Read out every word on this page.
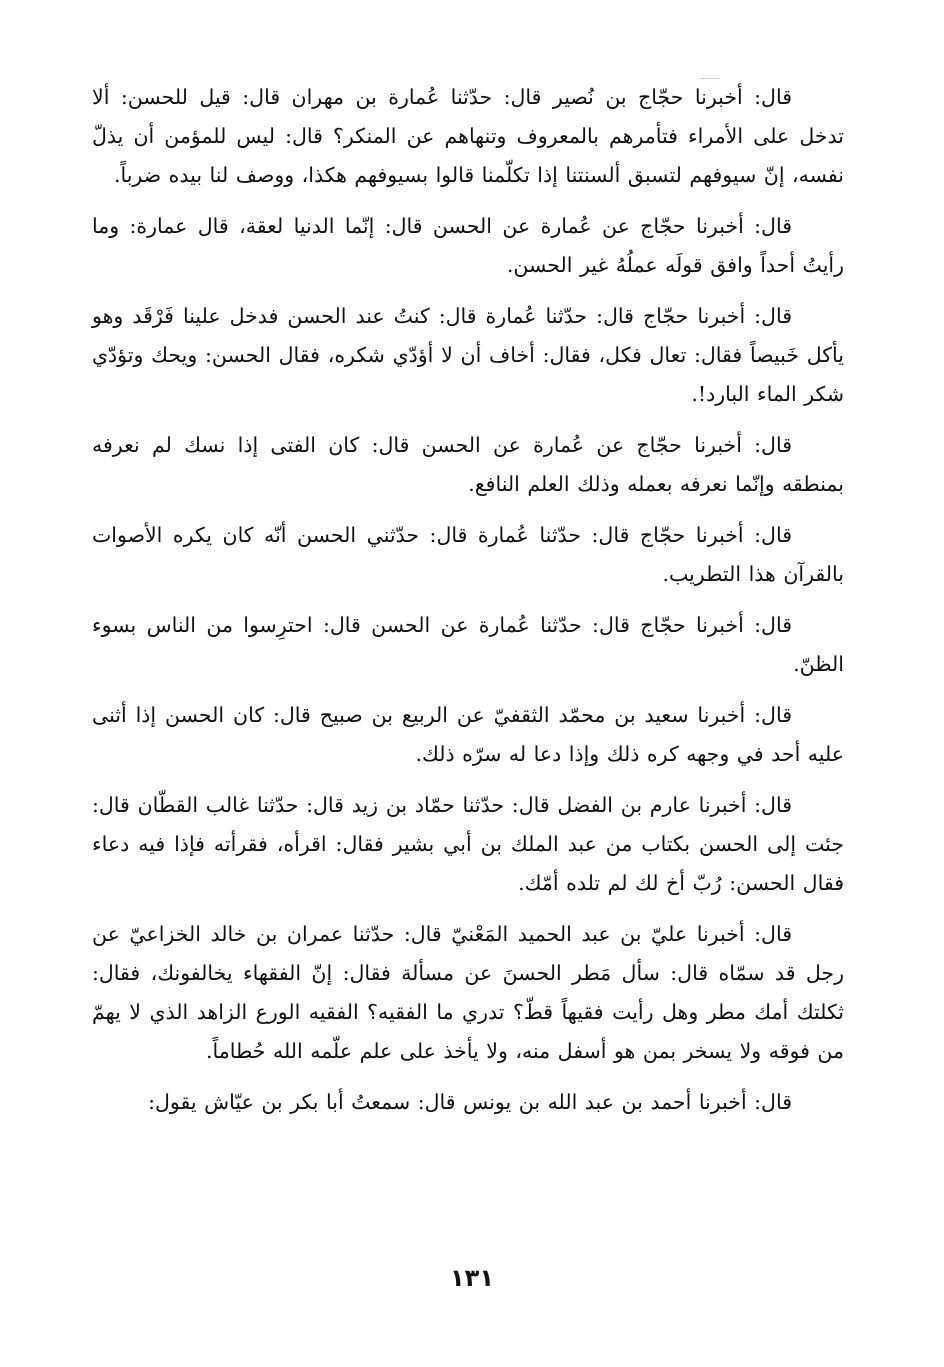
قال: أخبرنا حجّاج بن نُصير قال: حدّثنا عُمارة بن مهران قال: قيل للحسن: ألا تدخل على الأمراء فتأمرهم بالمعروف وتنهاهم عن المنكر؟ قال: ليس للمؤمن أن يذلّ نفسه، إنّ سيوفهم لتسبق ألسنتنا إذا تكلّمنا قالوا بسيوفهم هكذا، ووصف لنا بيده ضرباً.

قال: أخبرنا حجّاج عن عُمارة عن الحسن قال: إنّما الدنيا لعقة، قال عمارة: وما رأيتُ أحداً وافق قولَه عملُهُ غير الحسن.

قال: أخبرنا حجّاج قال: حدّثنا عُمارة قال: كنتُ عند الحسن فدخل علينا فَرْقَد وهو يأكل خَبيصاً فقال: تعال فكل، فقال: أخاف أن لا أؤدّي شكره، فقال الحسن: ويحك وتؤدّي شكر الماء البارد!.

قال: أخبرنا حجّاج عن عُمارة عن الحسن قال: كان الفتى إذا نسك لم نعرفه بمنطقه وإنّما نعرفه بعمله وذلك العلم النافع.

قال: أخبرنا حجّاج قال: حدّثنا عُمارة قال: حدّثني الحسن أنّه كان يكره الأصوات بالقرآن هذا التطريب.

قال: أخبرنا حجّاج قال: حدّثنا عُمارة عن الحسن قال: احترِسوا من الناس بسوء الظنّ.

قال: أخبرنا سعيد بن محمّد الثقفيّ عن الربيع بن صبيح قال: كان الحسن إذا أثنى عليه أحد في وجهه كره ذلك وإذا دعا له سرّه ذلك.

قال: أخبرنا عارم بن الفضل قال: حدّثنا حمّاد بن زيد قال: حدّثنا غالب القطّان قال: جئت إلى الحسن بكتاب من عبد الملك بن أبي بشير فقال: اقرأه، فقرأته فإذا فيه دعاء فقال الحسن: رُبّ أخ لك لم تلده أمّك.

قال: أخبرنا عليّ بن عبد الحميد المَعْنيّ قال: حدّثنا عمران بن خالد الخزاعيّ عن رجل قد سمّاه قال: سأل مَطر الحسنَ عن مسألة فقال: إنّ الفقهاء يخالفونك، فقال: ثكلتك أمك مطر وهل رأيت فقيهاً قطّ؟ تدري ما الفقيه؟ الفقيه الورع الزاهد الذي لا يهمّ من فوقه ولا يسخر بمن هو أسفل منه، ولا يأخذ على علم علّمه الله حُطاماً.

قال: أخبرنا أحمد بن عبد الله بن يونس قال: سمعتُ أبا بكر بن عيّاش يقول:

١٣١
